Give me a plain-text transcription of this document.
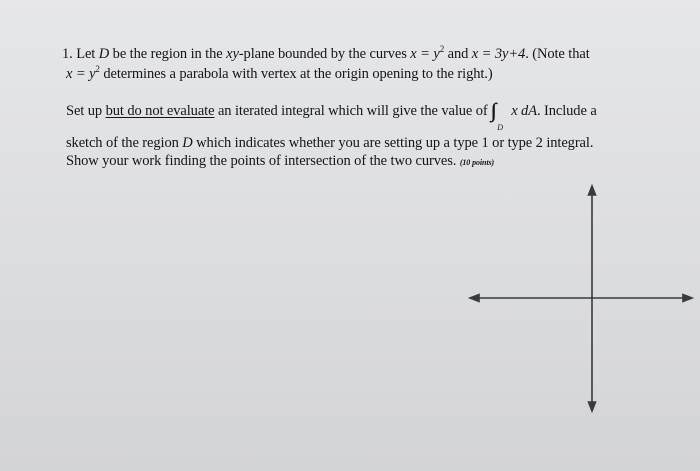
1. Let D be the region in the xy-plane bounded by the curves $x = y^2$ and x = 3y+4. (Note that
$x = y^2$ determines a parabola with vertex at the origin opening to the right.)
Set up but do not evaluate an iterated integral which will give the value of
D
x dA. Include a
sketch of the region D which indicates whether you are setting up a type 1 or type 2 integral.
Show your work finding the points of intersection of the two curves. (10 points)
